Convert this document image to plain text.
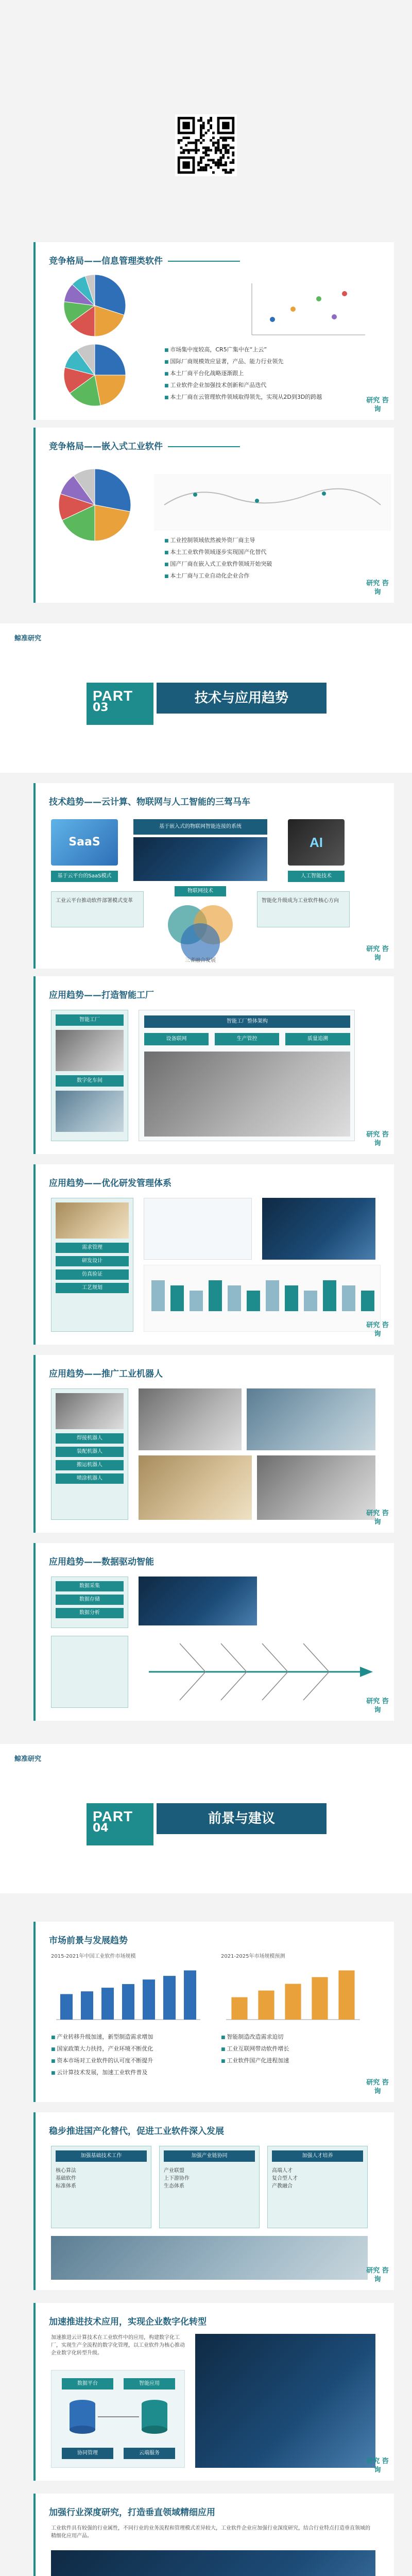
竞争格局——信息管理类软件
■ 市场集中度较高，CR5广集中在“上云”
■ 国际厂商规模效应显著，产品、能力行业领先
■ 本土厂商平台化战略逐渐跟上
■ 工业软件企业加强技术创新和产品迭代
■ 本土厂商在云管理软件领域取得领先，实现从2D到3D的跨越	研究 咨询
竞争格局——嵌入式工业软件
■ 工业控制领域依然被外资厂商主导
■ 本土工业软件领域逐步实现国产化替代
■ 国产厂商在嵌入式工业软件领域开始突破
■ 本土厂商与工业自动化企业合作
研究 咨询
鲸准研究
PART
03
技术与应用趋势
技术趋势——云计算、物联网与人工智能的三驾马车
SaaS
基于云平台的SaaS模式
基于嵌入式的物联网智能连接的系统
AI
人工智能技术
物联网技术
三者融合发展
工业云平台推动软件部署模式变革	智能化升级成为工业软件核心方向
研究 咨询
应用趋势——打造智能工厂
智能工厂
数字化车间
智能工厂整体架构
设备联网	生产管控	质量追溯
研究 咨询
应用趋势——优化研发管理体系
需求管理
研发设计
仿真验证
工艺规划
研究 咨询
应用趋势——推广工业机器人
焊接机器人
装配机器人
搬运机器人
喷涂机器人
研究 咨询
应用趋势——数据驱动智能
数据采集
数据存储
数据分析
研究 咨询
鲸准研究
PART
04
前景与建议
市场前景与发展趋势
2015-2021年中国工业软件市场规模	2021-2025年市场规模预测
■ 产业转移升级加速，新型制造需求增加
■ 国家政策大力扶持，产业环境不断优化
■ 资本市场对工业软件的认可度不断提升
■ 云计算技术发展，加速工业软件普及
■ 智能制造改造需求迫切
■ 工业互联网带动软件增长
■ 工业软件国产化进程加速
研究 咨询
稳步推进国产化替代，促进工业软件深入发展
加强基础技术工作
核心算法
基础软件
标准体系
加强产业链协同
产业联盟
上下游协作
生态体系
加强人才培养
高端人才
复合型人才
产教融合
研究 咨询
加速推进技术应用，实现企业数字化转型
加速推进云计算技术在工业软件中的应用，构建数字化工厂，实现生产全流程的数字化管理，以工业软件为核心推动企业数字化转型升级。
数据平台	智能应用
协同管理	云端服务
研究 咨询
加强行业深度研究，打造垂直领域精细应用
工业软件具有较强的行业属性，不同行业的业务流程和管理模式差异较大，工业软件企业应加强行业深度研究，结合行业特点打造垂直领域的精细化应用产品。
